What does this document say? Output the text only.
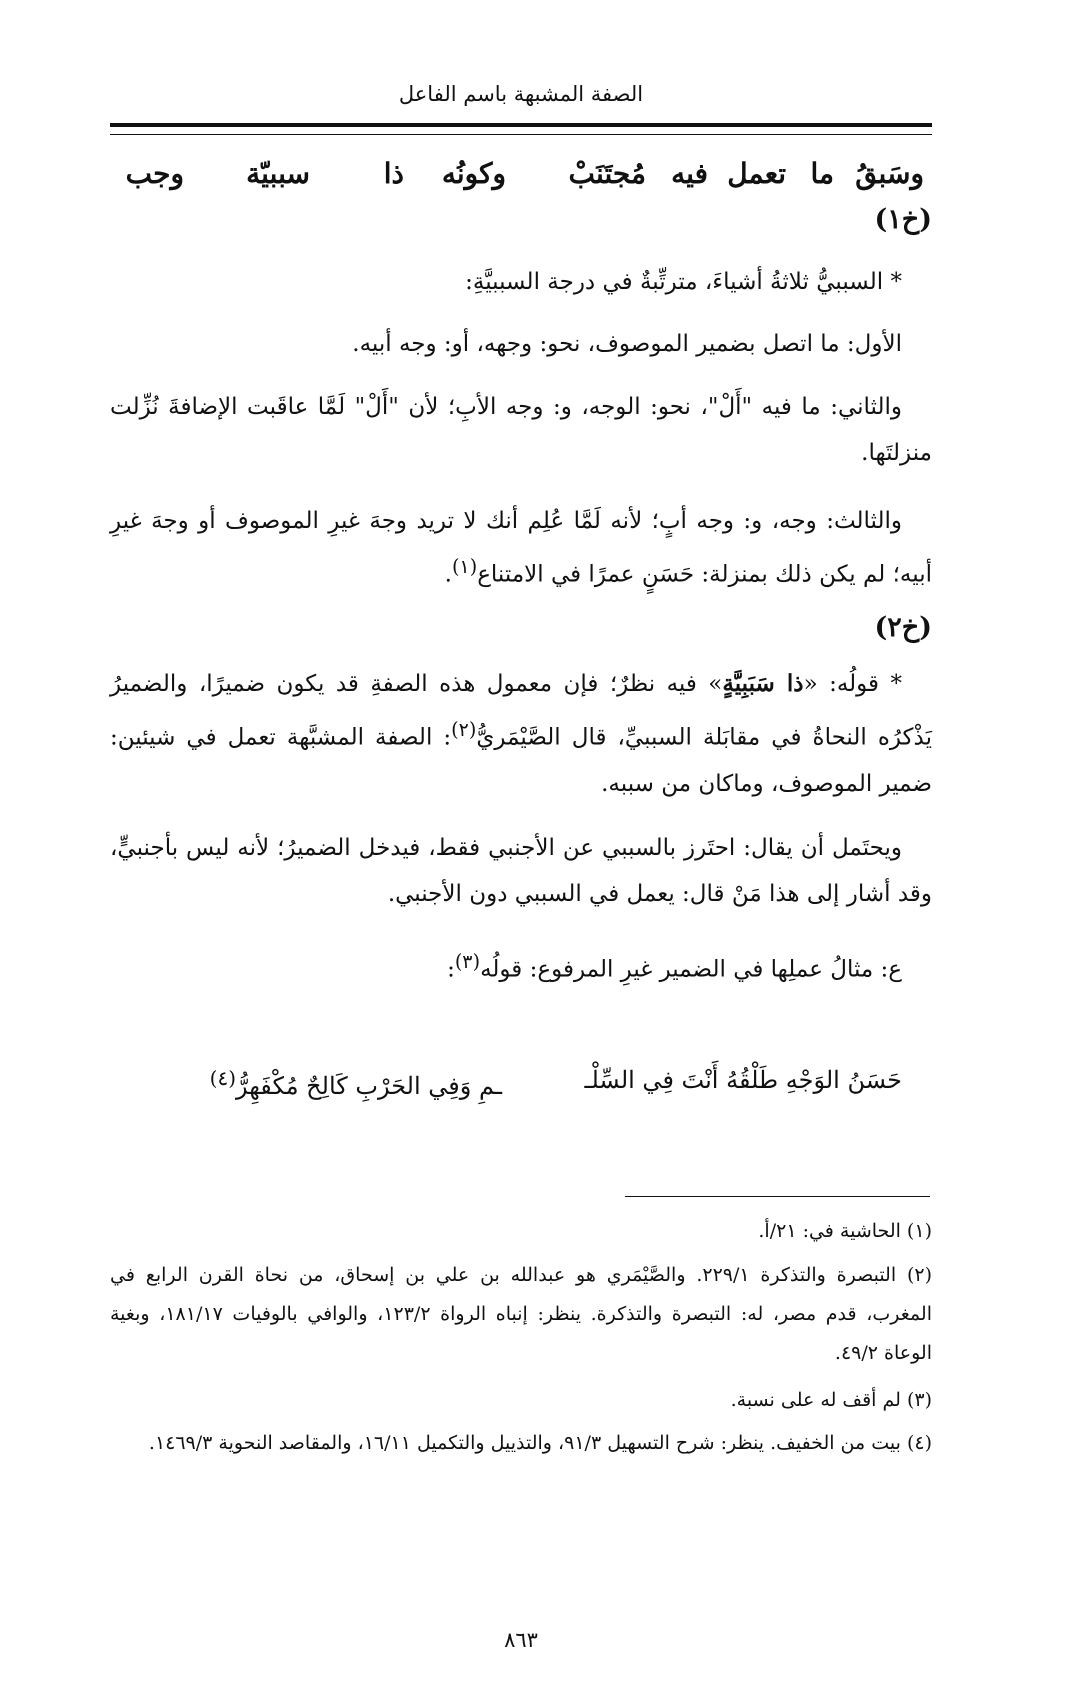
الصفة المشبهة باسم الفاعل
وسَبقُ
ما
تعمل
فيه
مُجتَنَبْ
وكونُه
ذا
سببيّة
وجب
(خ١)
* السببيُّ ثلاثةُ أشياءَ، مترتِّبةٌ في درجة السببيَّةِ:
الأول: ما اتصل بضمير الموصوف، نحو: وجهه، أو: وجه أبيه.
والثاني: ما فيه "أَلْ"، نحو: الوجه، و: وجه الأبِ؛ لأن "أَلْ" لَمَّا عاقَبت الإضافةَ نُزِّلت منزلتَها.
والثالث: وجه، و: وجه أبٍ؛ لأنه لَمَّا عُلِم أنك لا تريد وجهَ غيرِ الموصوف أو وجهَ غيرِ أبيه؛ لم يكن ذلك بمنزلة: حَسَنٍ عمرًا في الامتناع$^{(١)}$.
(خ٢)
* قولُه: «ذا سَبَبِيَّةٍ» فيه نظرٌ؛ فإن معمول هذه الصفةِ قد يكون ضميرًا، والضميرُ يَذْكرُه النحاةُ في مقابَلة السببيِّ، قال الصَّيْمَريُّ$^{(٢)}$: الصفة المشبَّهة تعمل في شيئين: ضمير الموصوف، وماكان من سببه.
ويحتَمل أن يقال: احتَرز بالسببي عن الأجنبي فقط، فيدخل الضميرُ؛ لأنه ليس بأجنبيٍّ، وقد أشار إلى هذا مَنْ قال: يعمل في السببي دون الأجنبي.
ع: مثالُ عملِها في الضمير غيرِ المرفوع: قولُه$^{(٣)}$:
حَسَنُ الوَجْهِ طَلْقُهُ أَنْتَ فِي السِّلْـ
ـمِ وَفِي الحَرْبِ كَالِحٌ مُكْفَهِرُّ$^{(٤)}$
(١) الحاشية في: ٢١/أ.
(٢) التبصرة والتذكرة ٢٢٩/١. والصَّيْمَري هو عبدالله بن علي بن إسحاق، من نحاة القرن الرابع في المغرب، قدم مصر، له: التبصرة والتذكرة. ينظر: إنباه الرواة ١٢٣/٢، والوافي بالوفيات ١٨١/١٧، وبغية الوعاة ٤٩/٢.
(٣) لم أقف له على نسبة.
(٤) بيت من الخفيف. ينظر: شرح التسهيل ٩١/٣، والتذييل والتكميل ١٦/١١، والمقاصد النحوية ١٤٦٩/٣.
٨٦٣
